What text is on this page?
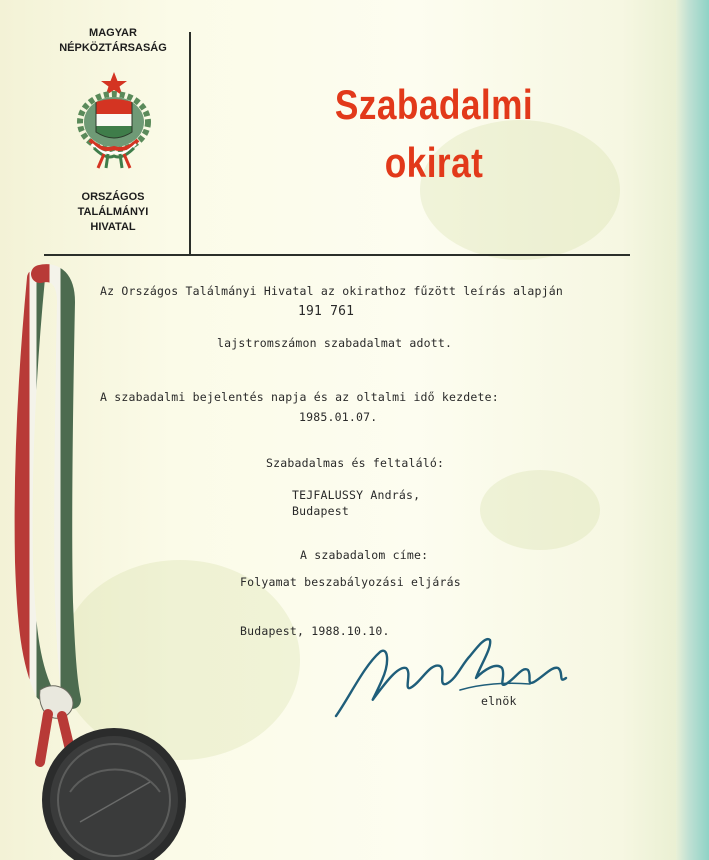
MAGYAR
NÉPKÖZTÁRSASÁG
ORSZÁGOS
TALÁLMÁNYI
HIVATAL
Szabadalmi
okirat
Az Országos Találmányi Hivatal az okirathoz fűzött leírás alapján
191 761
lajstromszámon szabadalmat adott.
A szabadalmi bejelentés napja és az oltalmi idő kezdete:
1985.01.07.
Szabadalmas és feltaláló:
TEJFALUSSY András,
Budapest
A szabadalom címe:
Folyamat beszabályozási eljárás
Budapest, 1988.10.10.
elnök
